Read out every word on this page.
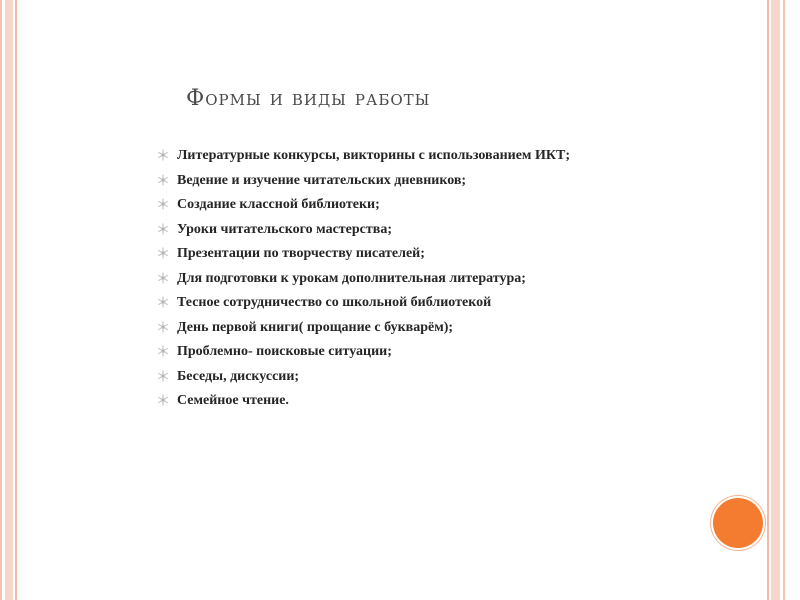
Формы и виды работы
Литературные конкурсы, викторины с использованием ИКТ;
Ведение и изучение читательских дневников;
Создание классной библиотеки;
Уроки читательского мастерства;
Презентации по творчеству писателей;
Для подготовки к урокам дополнительная литература;
Тесное сотрудничество со школьной библиотекой
День первой книги( прощание с букварём);
Проблемно- поисковые ситуации;
Беседы, дискуссии;
Семейное чтение.
